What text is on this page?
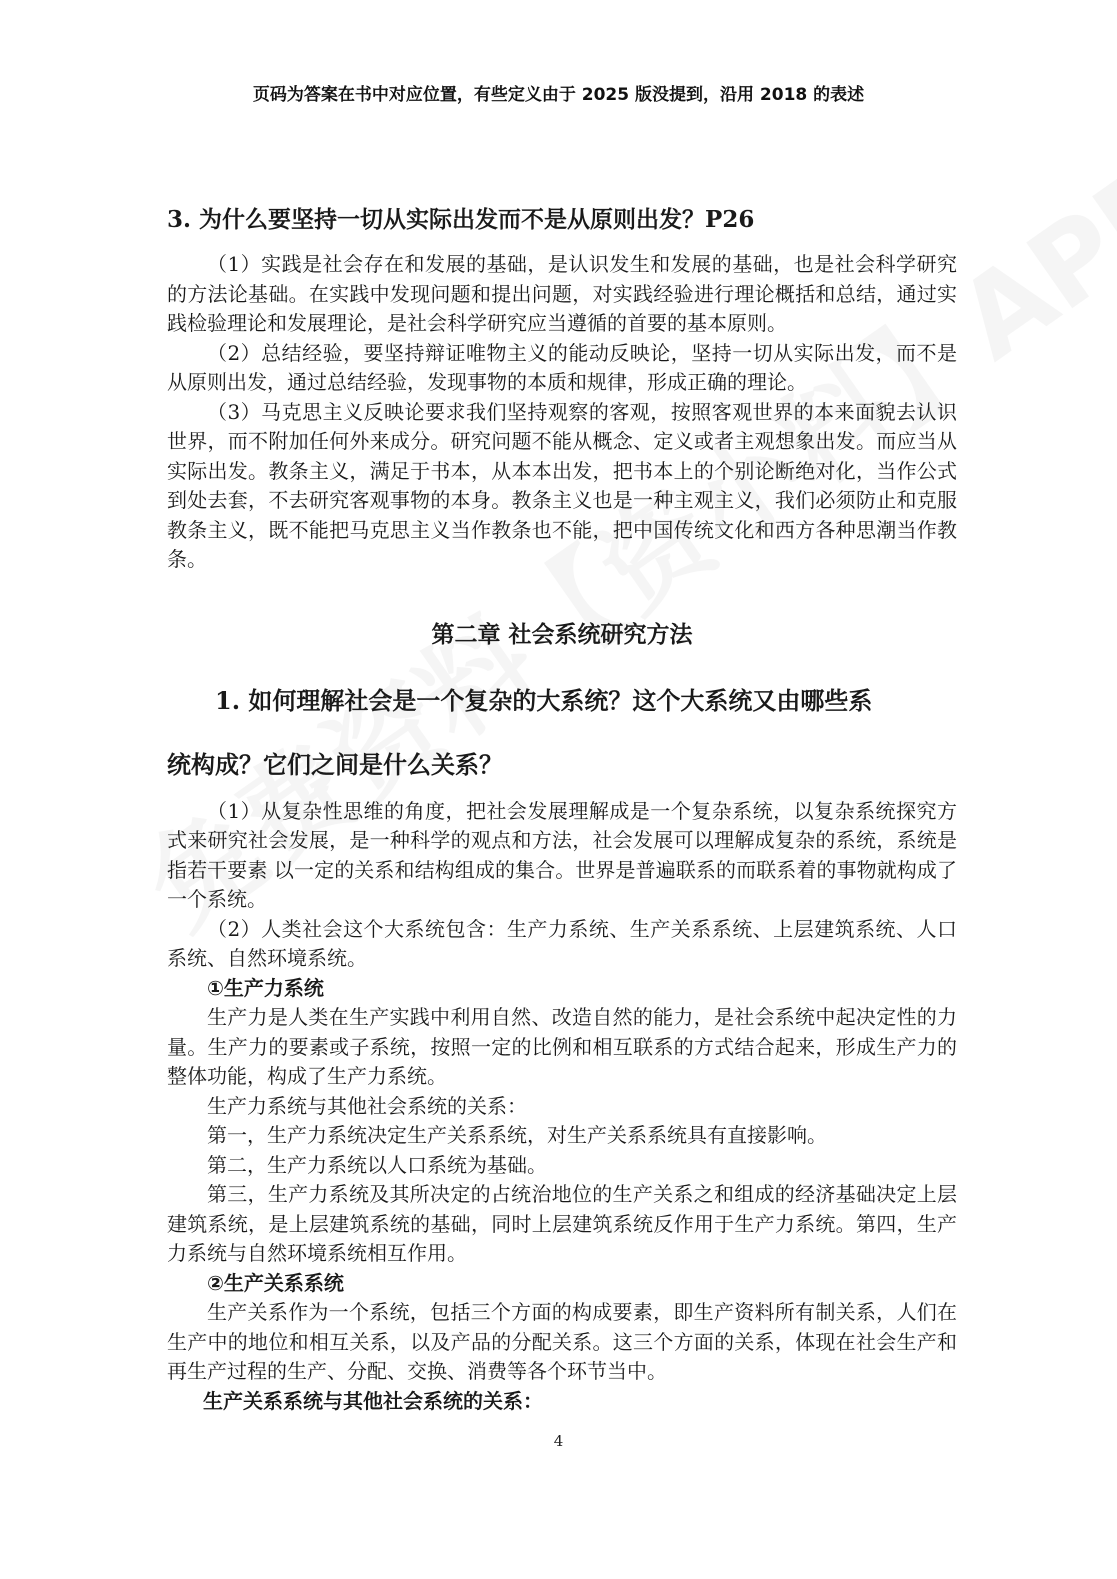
页码为答案在书中对应位置，有些定义由于 2025 版没提到，沿用 2018 的表述
3. 为什么要坚持一切从实际出发而不是从原则出发？P26

（1）实践是社会存在和发展的基础，是认识发生和发展的基础，也是社会科学研究的方法论基础。在实践中发现问题和提出问题，对实践经验进行理论概括和总结，通过实践检验理论和发展理论，是社会科学研究应当遵循的首要的基本原则。

（2）总结经验，要坚持辩证唯物主义的能动反映论，坚持一切从实际出发，而不是从原则出发，通过总结经验，发现事物的本质和规律，形成正确的理论。

（3）马克思主义反映论要求我们坚持观察的客观，按照客观世界的本来面貌去认识世界，而不附加任何外来成分。研究问题不能从概念、定义或者主观想象出发。而应当从实际出发。教条主义，满足于书本，从本本出发，把书本上的个别论断绝对化，当作公式到处去套，不去研究客观事物的本身。教条主义也是一种主观主义，我们必须防止和克服教条主义，既不能把马克思主义当作教条也不能，把中国传统文化和西方各种思潮当作教条。

第二章 社会系统研究方法
1. 如何理解社会是一个复杂的大系统？这个大系统又由哪些系
统构成？它们之间是什么关系？

（1）从复杂性思维的角度，把社会发展理解成是一个复杂系统，以复杂系统探究方式来研究社会发展，是一种科学的观点和方法，社会发展可以理解成复杂的系统，系统是指若干要素 以一定的关系和结构组成的集合。世界是普遍联系的而联系着的事物就构成了一个系统。

（2）人类社会这个大系统包含：生产力系统、生产关系系统、上层建筑系统、人口系统、自然环境系统。

①生产力系统

生产力是人类在生产实践中利用自然、改造自然的能力，是社会系统中起决定性的力量。生产力的要素或子系统，按照一定的比例和相互联系的方式结合起来，形成生产力的整体功能，构成了生产力系统。

生产力系统与其他社会系统的关系：

第一，生产力系统决定生产关系系统，对生产关系系统具有直接影响。

第二，生产力系统以人口系统为基础。

第三，生产力系统及其所决定的占统治地位的生产关系之和组成的经济基础决定上层建筑系统，是上层建筑系统的基础，同时上层建筑系统反作用于生产力系统。第四，生产力系统与自然环境系统相互作用。

②生产关系系统

生产关系作为一个系统，包括三个方面的构成要素，即生产资料所有制关系，人们在生产中的地位和相互关系，以及产品的分配关系。这三个方面的关系，体现在社会生产和再生产过程的生产、分配、交换、消费等各个环节当中。

生产关系系统与其他社会系统的关系：
4
